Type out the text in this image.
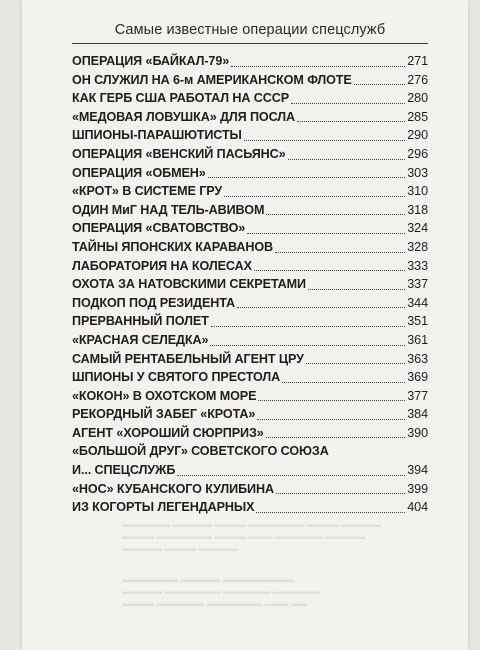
Самые известные операции спецслужб
▬▬▬▬▬▬ ▬▬▬▬▬ ▬▬▬▬ ▬▬▬▬▬▬▬ ▬▬▬▬ ▬▬▬▬▬
▬▬▬▬ ▬▬▬▬▬▬▬ ▬▬▬▬ ▬▬▬ ▬▬▬▬▬▬ ▬▬▬▬▬
▬▬▬▬▬ ▬▬▬▬ ▬▬▬▬▬
▬▬▬▬▬▬▬ ▬▬▬▬▬ ▬▬▬▬▬▬▬▬▬
▬▬▬▬▬ ▬▬▬▬▬▬▬ ▬▬▬▬▬▬ ▬▬▬▬▬▬
▬▬▬▬ ▬▬▬▬▬▬ ▬▬▬▬▬▬▬ ▬▬▬ ▬▬
ОПЕРАЦИЯ «БАЙКАЛ-79»	271
ОН СЛУЖИЛ НА 6-м АМЕРИКАНСКОМ ФЛОТЕ	276
КАК ГЕРБ США РАБОТАЛ НА СССР	280
«МЕДОВАЯ ЛОВУШКА» ДЛЯ ПОСЛА	285
ШПИОНЫ-ПАРАШЮТИСТЫ	290
ОПЕРАЦИЯ «ВЕНСКИЙ ПАСЬЯНС»	296
ОПЕРАЦИЯ «ОБМЕН»	303
«КРОТ» В СИСТЕМЕ ГРУ	310
ОДИН МиГ НАД ТЕЛЬ-АВИВОМ	318
ОПЕРАЦИЯ «СВАТОВСТВО»	324
ТАЙНЫ ЯПОНСКИХ КАРАВАНОВ	328
ЛАБОРАТОРИЯ НА КОЛЕСАХ	333
ОХОТА ЗА НАТОВСКИМИ СЕКРЕТАМИ	337
ПОДКОП ПОД РЕЗИДЕНТА	344
ПРЕРВАННЫЙ ПОЛЕТ	351
«КРАСНАЯ СЕЛЕДКА»	361
САМЫЙ РЕНТАБЕЛЬНЫЙ АГЕНТ ЦРУ	363
ШПИОНЫ У СВЯТОГО ПРЕСТОЛА	369
«КОКОН» В ОХОТСКОМ МОРЕ	377
РЕКОРДНЫЙ ЗАБЕГ «КРОТА»	384
АГЕНТ «ХОРОШИЙ СЮРПРИЗ»	390
«БОЛЬШОЙ ДРУГ» СОВЕТСКОГО СОЮЗА
И... СПЕЦСЛУЖБ	394
«НОС» КУБАНСКОГО КУЛИБИНА	399
ИЗ КОГОРТЫ ЛЕГЕНДАРНЫХ	404
